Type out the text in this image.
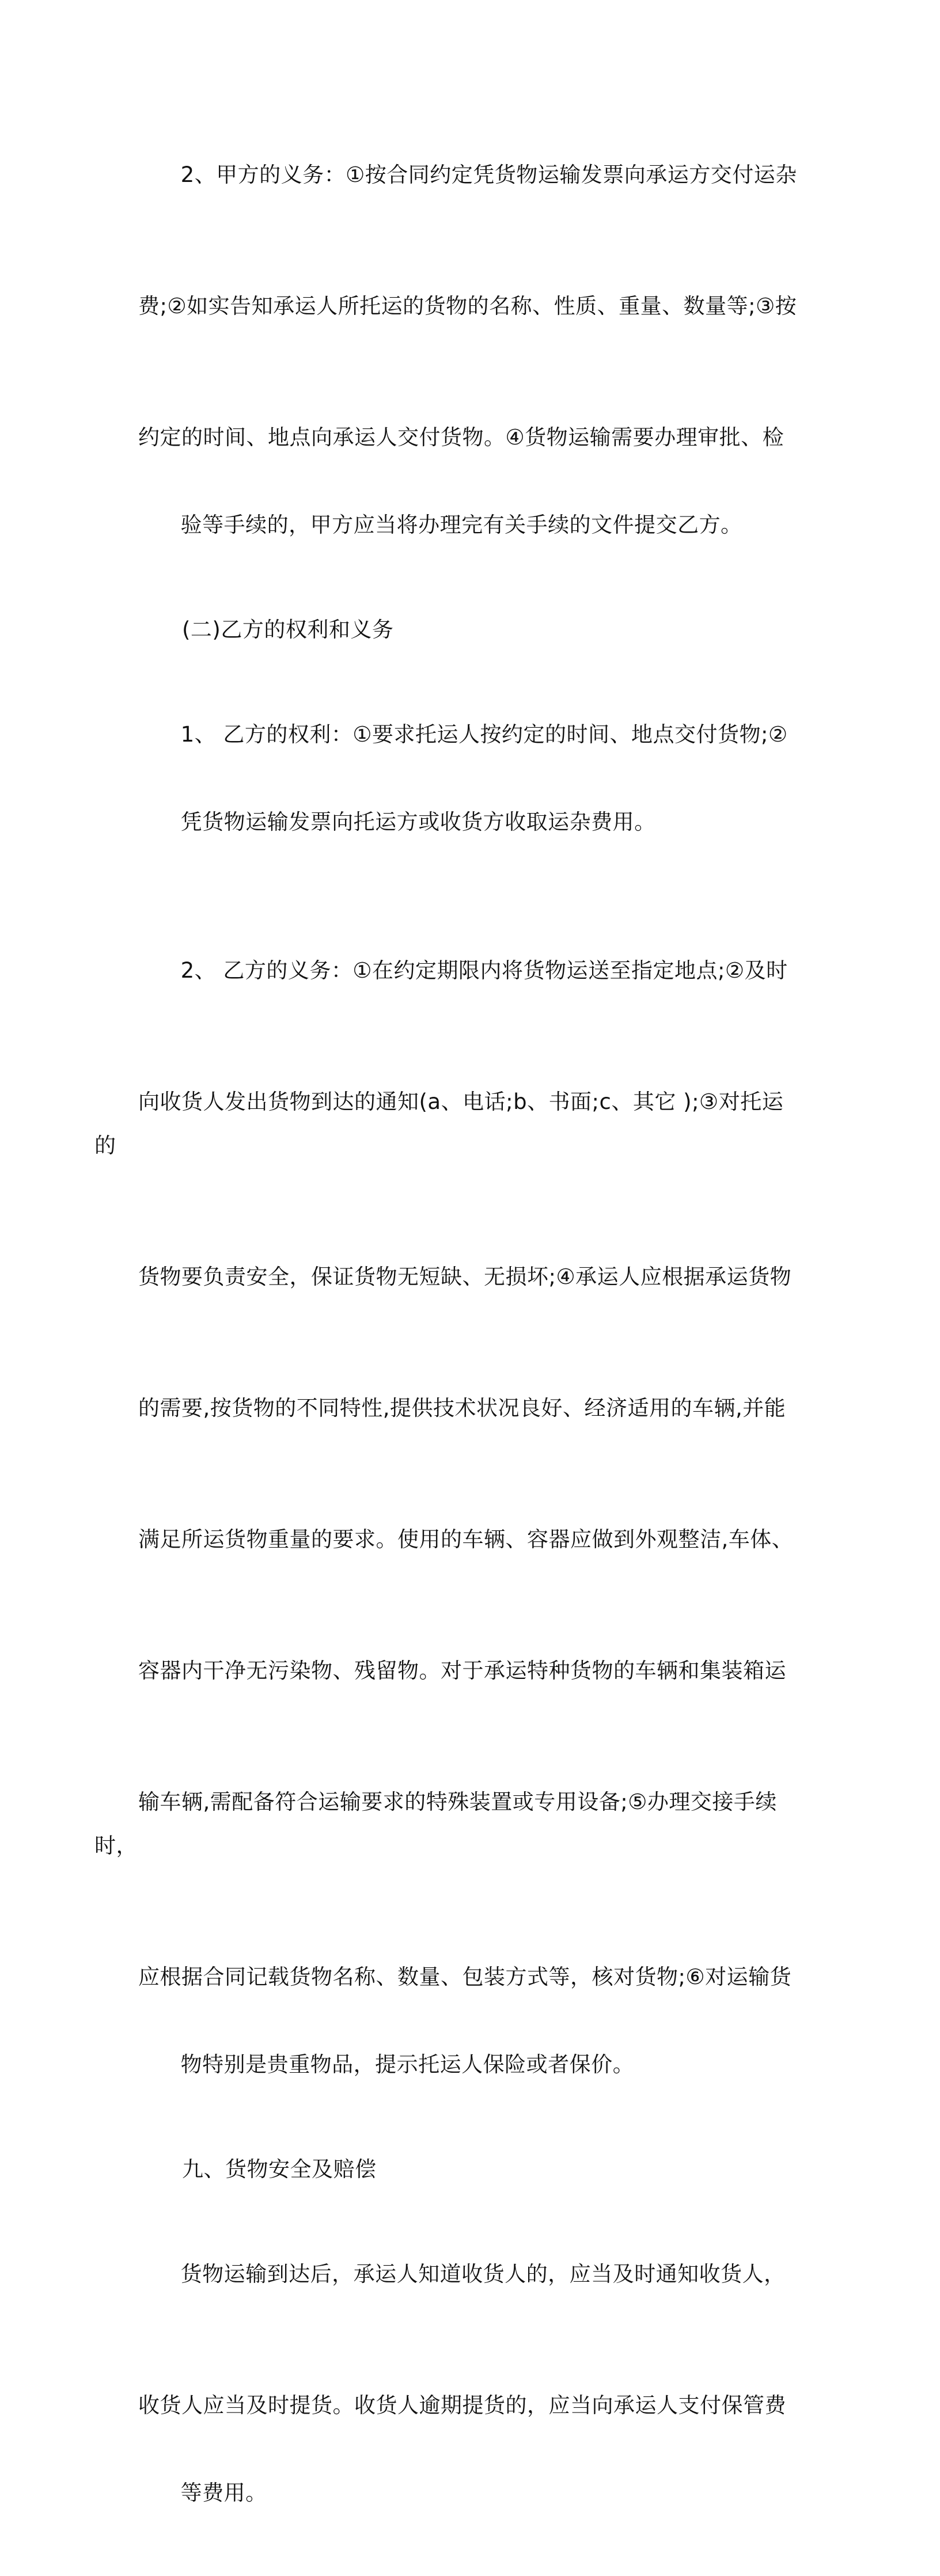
2、甲方的义务：①按合同约定凭货物运输发票向承运方交付运杂

费;②如实告知承运人所托运的货物的名称、性质、重量、数量等;③按

约定的时间、地点向承运人交付货物。④货物运输需要办理审批、检

验等手续的，甲方应当将办理完有关手续的文件提交乙方。

(二)乙方的权利和义务

1、 乙方的权利：①要求托运人按约定的时间、地点交付货物;②

凭货物运输发票向托运方或收货方收取运杂费用。

2、 乙方的义务：①在约定期限内将货物运送至指定地点;②及时

向收货人发出货物到达的通知(a、电话;b、书面;c、其它 );③对托运的

货物要负责安全，保证货物无短缺、无损坏;④承运人应根据承运货物

的需要,按货物的不同特性,提供技术状况良好、经济适用的车辆,并能

满足所运货物重量的要求。使用的车辆、容器应做到外观整洁,车体、

容器内干净无污染物、残留物。对于承运特种货物的车辆和集装箱运

输车辆,需配备符合运输要求的特殊装置或专用设备;⑤办理交接手续时，

应根据合同记载货物名称、数量、包装方式等，核对货物;⑥对运输货

物特别是贵重物品，提示托运人保险或者保价。

九、货物安全及赔偿

货物运输到达后，承运人知道收货人的，应当及时通知收货人，

收货人应当及时提货。收货人逾期提货的，应当向承运人支付保管费

等费用。
